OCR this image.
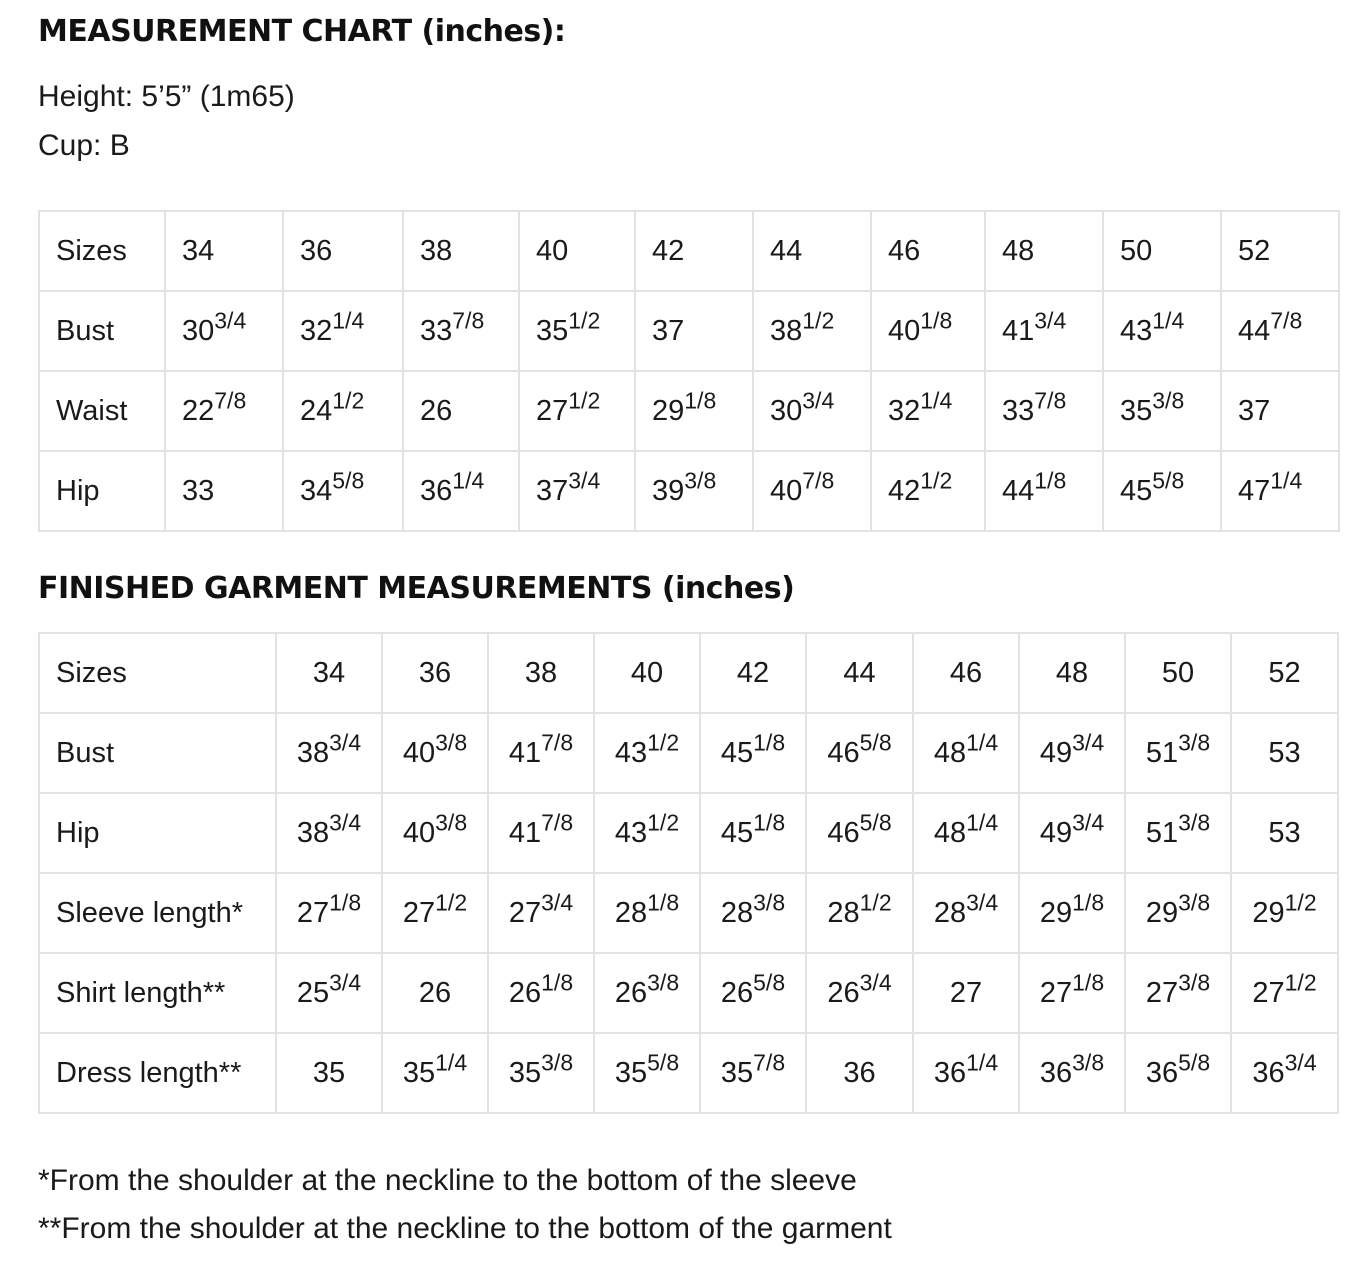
MEASUREMENT CHART (inches):

Height: 5’5” (1m65)

Cup: B

Sizes	34	36	38	40	42	44	46	48	50	52
Bust	$30^{3/4}$	$32^{1/4}$	$33^{7/8}$	$35^{1/2}$	37	$38^{1/2}$	$40^{1/8}$	$41^{3/4}$	$43^{1/4}$	$44^{7/8}$
Waist	$22^{7/8}$	$24^{1/2}$	26	$27^{1/2}$	$29^{1/8}$	$30^{3/4}$	$32^{1/4}$	$33^{7/8}$	$35^{3/8}$	37
Hip	33	$34^{5/8}$	$36^{1/4}$	$37^{3/4}$	$39^{3/8}$	$40^{7/8}$	$42^{1/2}$	$44^{1/8}$	$45^{5/8}$	$47^{1/4}$
FINISHED GARMENT MEASUREMENTS (inches)
Sizes	34	36	38	40	42	44	46	48	50	52
Bust	$38^{3/4}$	$40^{3/8}$	$41^{7/8}$	$43^{1/2}$	$45^{1/8}$	$46^{5/8}$	$48^{1/4}$	$49^{3/4}$	$51^{3/8}$	53
Hip	$38^{3/4}$	$40^{3/8}$	$41^{7/8}$	$43^{1/2}$	$45^{1/8}$	$46^{5/8}$	$48^{1/4}$	$49^{3/4}$	$51^{3/8}$	53
Sleeve length*	$27^{1/8}$	$27^{1/2}$	$27^{3/4}$	$28^{1/8}$	$28^{3/8}$	$28^{1/2}$	$28^{3/4}$	$29^{1/8}$	$29^{3/8}$	$29^{1/2}$
Shirt length**	$25^{3/4}$	26	$26^{1/8}$	$26^{3/8}$	$26^{5/8}$	$26^{3/4}$	27	$27^{1/8}$	$27^{3/8}$	$27^{1/2}$
Dress length**	35	$35^{1/4}$	$35^{3/8}$	$35^{5/8}$	$35^{7/8}$	36	$36^{1/4}$	$36^{3/8}$	$36^{5/8}$	$36^{3/4}$

*From the shoulder at the neckline to the bottom of the sleeve

**From the shoulder at the neckline to the bottom of the garment
